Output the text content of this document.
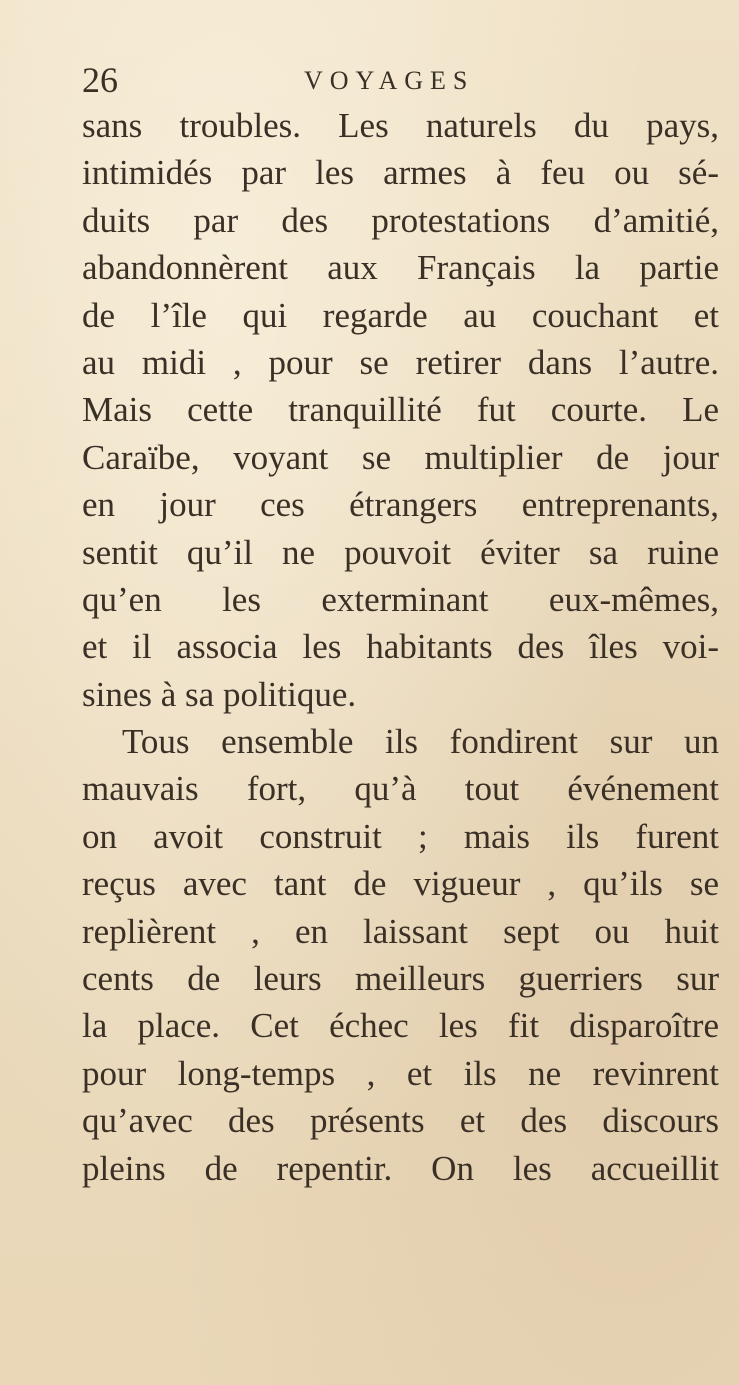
26	VOYAGES
sans troubles. Les naturels du pays,
intimidés par les armes à feu ou sé-
duits par des protestations d’amitié,
abandonnèrent aux Français la partie
de l’île qui regarde au couchant et
au midi , pour se retirer dans l’autre.
Mais cette tranquillité fut courte. Le
Caraïbe, voyant se multiplier de jour
en jour ces étrangers entreprenants,
sentit qu’il ne pouvoit éviter sa ruine
qu’en les exterminant eux-mêmes,
et il associa les habitants des îles voi-
sines à sa politique.
Tous ensemble ils fondirent sur un
mauvais fort, qu’à tout événement
on avoit construit ; mais ils furent
reçus avec tant de vigueur , qu’ils se
replièrent , en laissant sept ou huit
cents de leurs meilleurs guerriers sur
la place. Cet échec les fit disparoître
pour long-temps , et ils ne revinrent
qu’avec des présents et des discours
pleins de repentir. On les accueillit
